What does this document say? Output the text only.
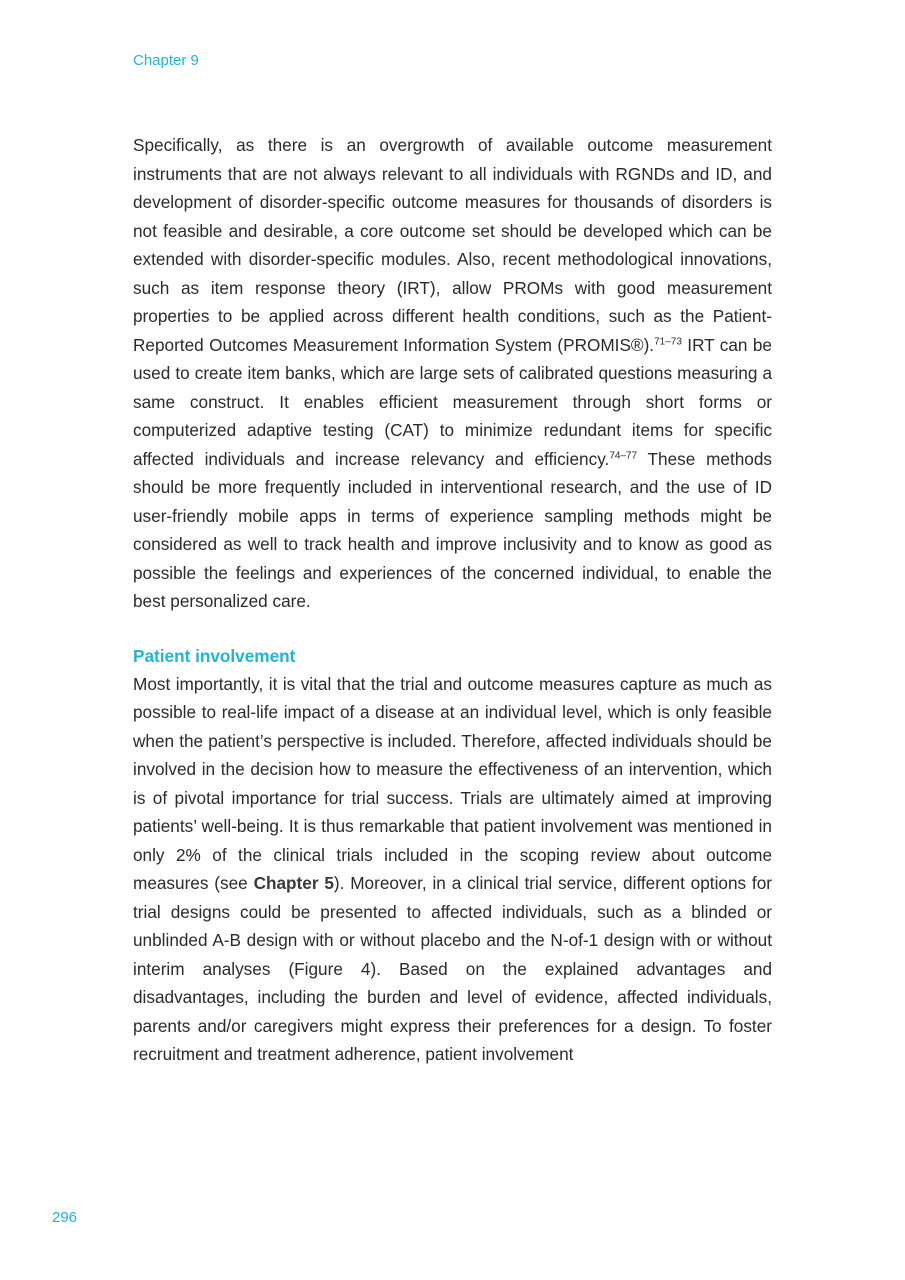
Chapter 9

Specifically, as there is an overgrowth of available outcome measurement instruments that are not always relevant to all individuals with RGNDs and ID, and development of disorder-specific outcome measures for thousands of disorders is not feasible and desirable, a core outcome set should be developed which can be extended with disorder-specific modules. Also, recent methodological innovations, such as item response theory (IRT), allow PROMs with good measurement properties to be applied across different health conditions, such as the Patient-Reported Outcomes Measurement Information System (PROMIS®).$^{71-73}$ IRT can be used to create item banks, which are large sets of calibrated questions measuring a same construct. It enables efficient measurement through short forms or computerized adaptive testing (CAT) to minimize redundant items for specific affected individuals and increase relevancy and efficiency.$^{74-77}$ These methods should be more frequently included in interventional research, and the use of ID user-friendly mobile apps in terms of experience sampling methods might be considered as well to track health and improve inclusivity and to know as good as possible the feelings and experiences of the concerned individual, to enable the best personalized care.

Patient involvement

Most importantly, it is vital that the trial and outcome measures capture as much as possible to real-life impact of a disease at an individual level, which is only feasible when the patient’s perspective is included. Therefore, affected individuals should be involved in the decision how to measure the effectiveness of an intervention, which is of pivotal importance for trial success. Trials are ultimately aimed at improving patients’ well-being. It is thus remarkable that patient involvement was mentioned in only 2% of the clinical trials included in the scoping review about outcome measures (see Chapter 5). Moreover, in a clinical trial service, different options for trial designs could be presented to affected individuals, such as a blinded or unblinded A-B design with or without placebo and the N-of-1 design with or without interim analyses (Figure 4). Based on the explained advantages and disadvantages, including the burden and level of evidence, affected individuals, parents and/or caregivers might express their preferences for a design. To foster recruitment and treatment adherence, patient involvement

296
